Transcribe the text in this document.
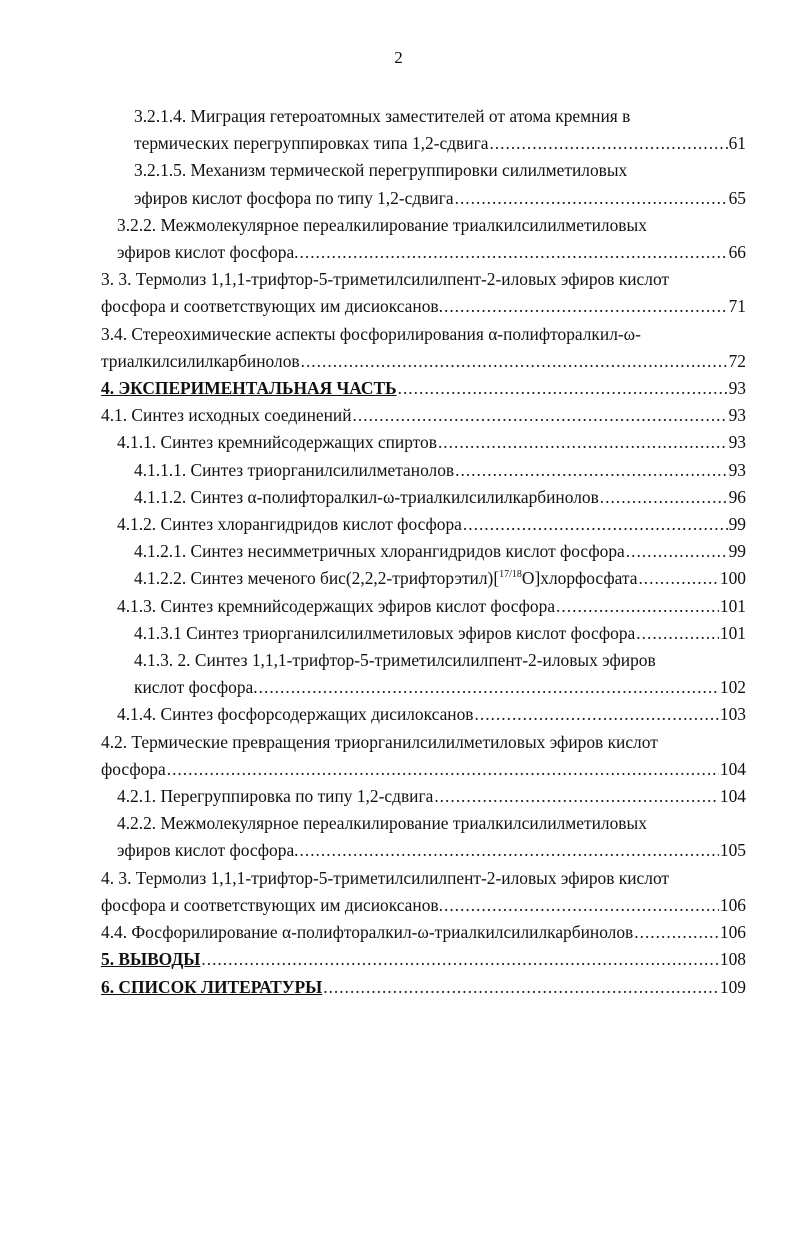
2
3.2.1.4. Миграция гетероатомных заместителей от атома кремния в
термических перегруппировках типа 1,2-сдвига .....	61
3.2.1.5. Механизм термической перегруппировки силилметиловых
эфиров кислот фосфора по типу 1,2-сдвига .....	65
3.2.2. Межмолекулярное переалкилирование триалкилсилилметиловых
эфиров кислот фосфора. .....	66
3. 3. Термолиз 1,1,1-трифтор-5-триметилсилилпент-2-иловых эфиров кислот
фосфора и соответствующих им дисиоксанов. .....	71
3.4. Стереохимические аспекты фосфорилирования α-полифторалкил-ω-
триалкилсилилкарбинолов .....	72
4. ЭКСПЕРИМЕНТАЛЬНАЯ ЧАСТЬ .....	93
4.1. Синтез исходных соединений .....	93
4.1.1. Синтез кремнийсодержащих спиртов .....	93
4.1.1.1. Синтез триорганилсилилметанолов .....	93
4.1.1.2. Синтез α-полифторалкил-ω-триалкилсилилкарбинолов .....	96
4.1.2. Синтез хлорангидридов кислот фосфора .....	99
4.1.2.1. Синтез несимметричных хлорангидридов кислот фосфора .....	99
4.1.2.2. Синтез меченого бис(2,2,2-трифторэтил)[$^{17/18}$O]хлорфосфата .....	100
4.1.3. Синтез кремнийсодержащих эфиров кислот фосфора .....	101
4.1.3.1 Синтез триорганилсилилметиловых эфиров кислот фосфора .....	101
4.1.3. 2. Синтез 1,1,1-трифтор-5-триметилсилилпент-2-иловых эфиров
кислот фосфора. .....	102
4.1.4. Синтез фосфорсодержащих дисилоксанов .....	103
4.2. Термические превращения триорганилсилилметиловых эфиров кислот
фосфора .....	104
4.2.1. Перегруппировка по типу 1,2-сдвига .....	104
4.2.2. Межмолекулярное переалкилирование триалкилсилилметиловых
эфиров кислот фосфора. .....	105
4. 3. Термолиз 1,1,1-трифтор-5-триметилсилилпент-2-иловых эфиров кислот
фосфора и соответствующих им дисиоксанов. .....	106
4.4. Фосфорилирование α-полифторалкил-ω-триалкилсилилкарбинолов .....	106
5. ВЫВОДЫ .....	108
6. СПИСОК ЛИТЕРАТУРЫ .....	109
